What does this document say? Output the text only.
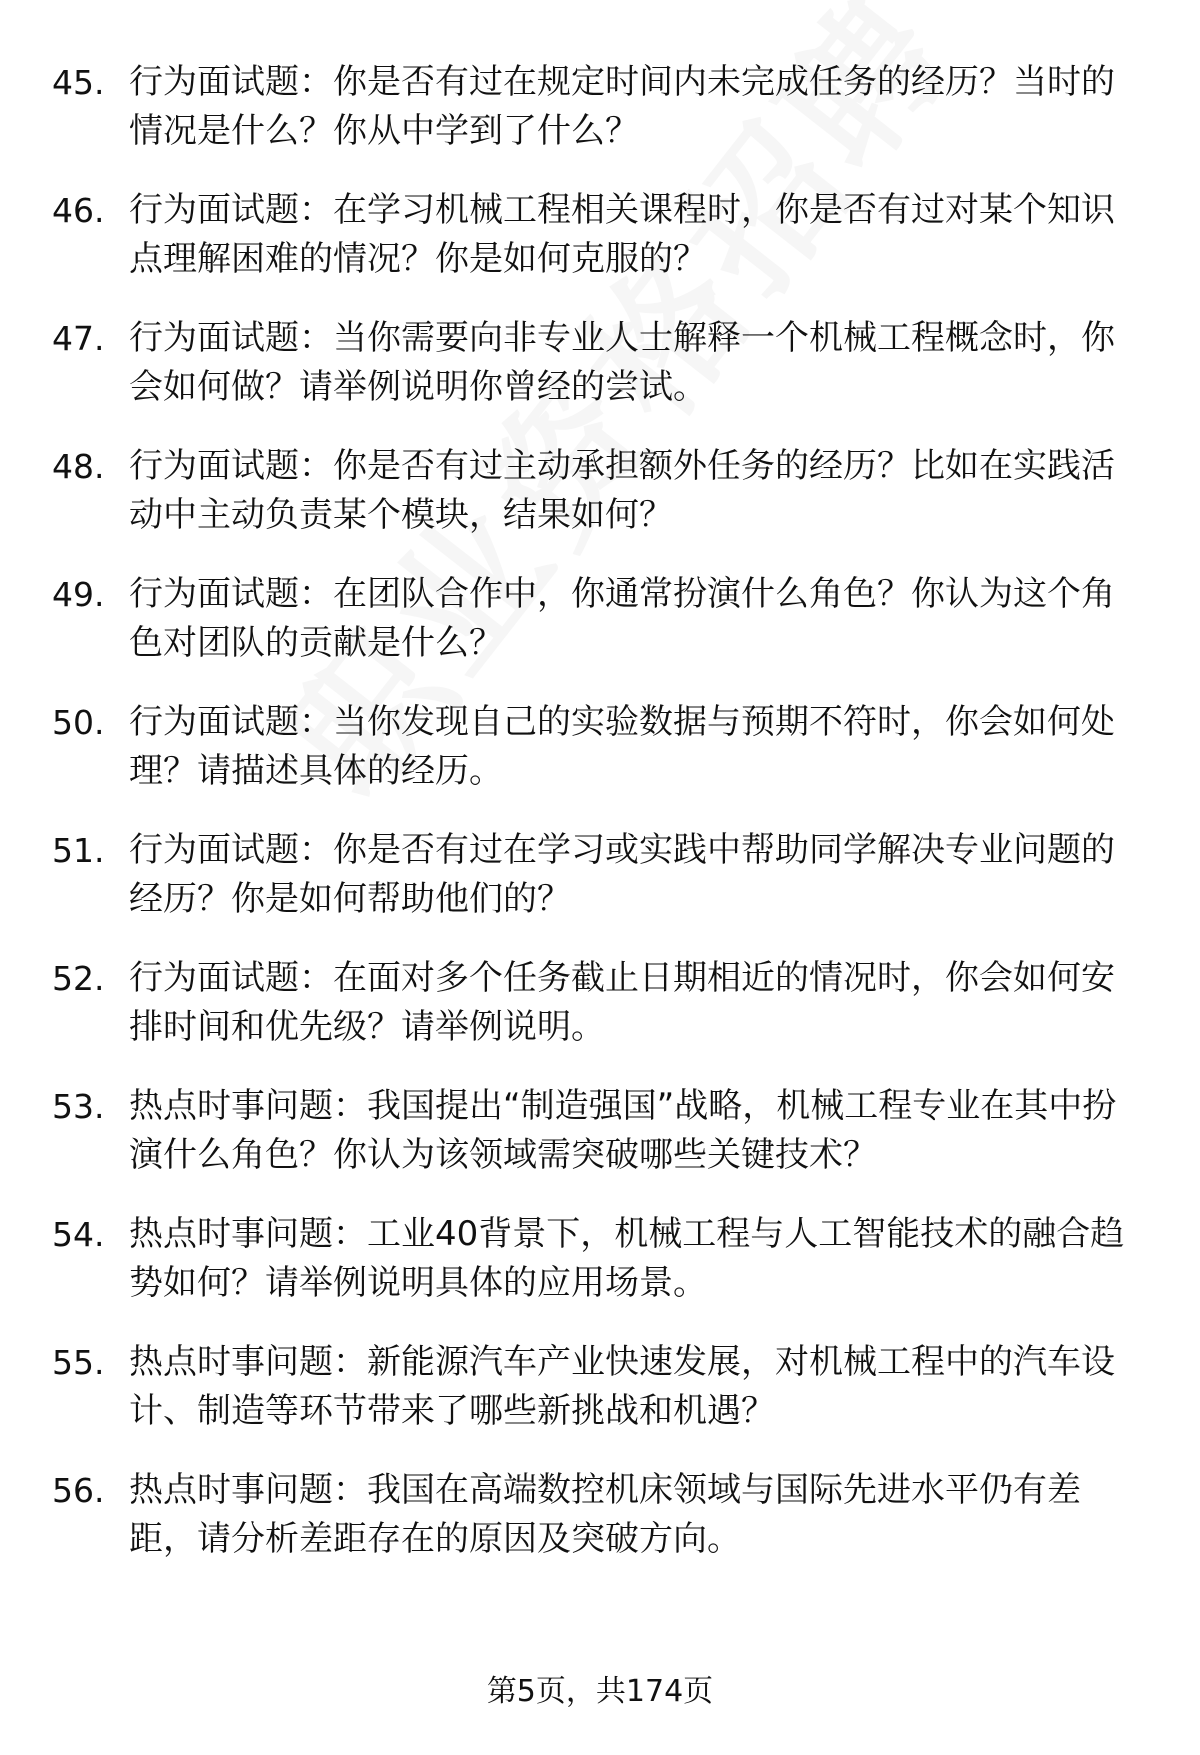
45. 行为面试题：你是否有过在规定时间内未完成任务的经历？当时的情况是什么？你从中学到了什么？
46. 行为面试题：在学习机械工程相关课程时，你是否有过对某个知识点理解困难的情况？你是如何克服的？
47. 行为面试题：当你需要向非专业人士解释一个机械工程概念时，你会如何做？请举例说明你曾经的尝试。
48. 行为面试题：你是否有过主动承担额外任务的经历？比如在实践活动中主动负责某个模块，结果如何？
49. 行为面试题：在团队合作中，你通常扮演什么角色？你认为这个角色对团队的贡献是什么？
50. 行为面试题：当你发现自己的实验数据与预期不符时，你会如何处理？请描述具体的经历。
51. 行为面试题：你是否有过在学习或实践中帮助同学解决专业问题的经历？你是如何帮助他们的？
52. 行为面试题：在面对多个任务截止日期相近的情况时，你会如何安排时间和优先级？请举例说明。
53. 热点时事问题：我国提出“制造强国”战略，机械工程专业在其中扮演什么角色？你认为该领域需突破哪些关键技术？
54. 热点时事问题：工业40背景下，机械工程与人工智能技术的融合趋势如何？请举例说明具体的应用场景。
55. 热点时事问题：新能源汽车产业快速发展，对机械工程中的汽车设计、制造等环节带来了哪些新挑战和机遇？
56. 热点时事问题：我国在高端数控机床领域与国际先进水平仍有差距，请分析差距存在的原因及突破方向。
第5页，共174页
